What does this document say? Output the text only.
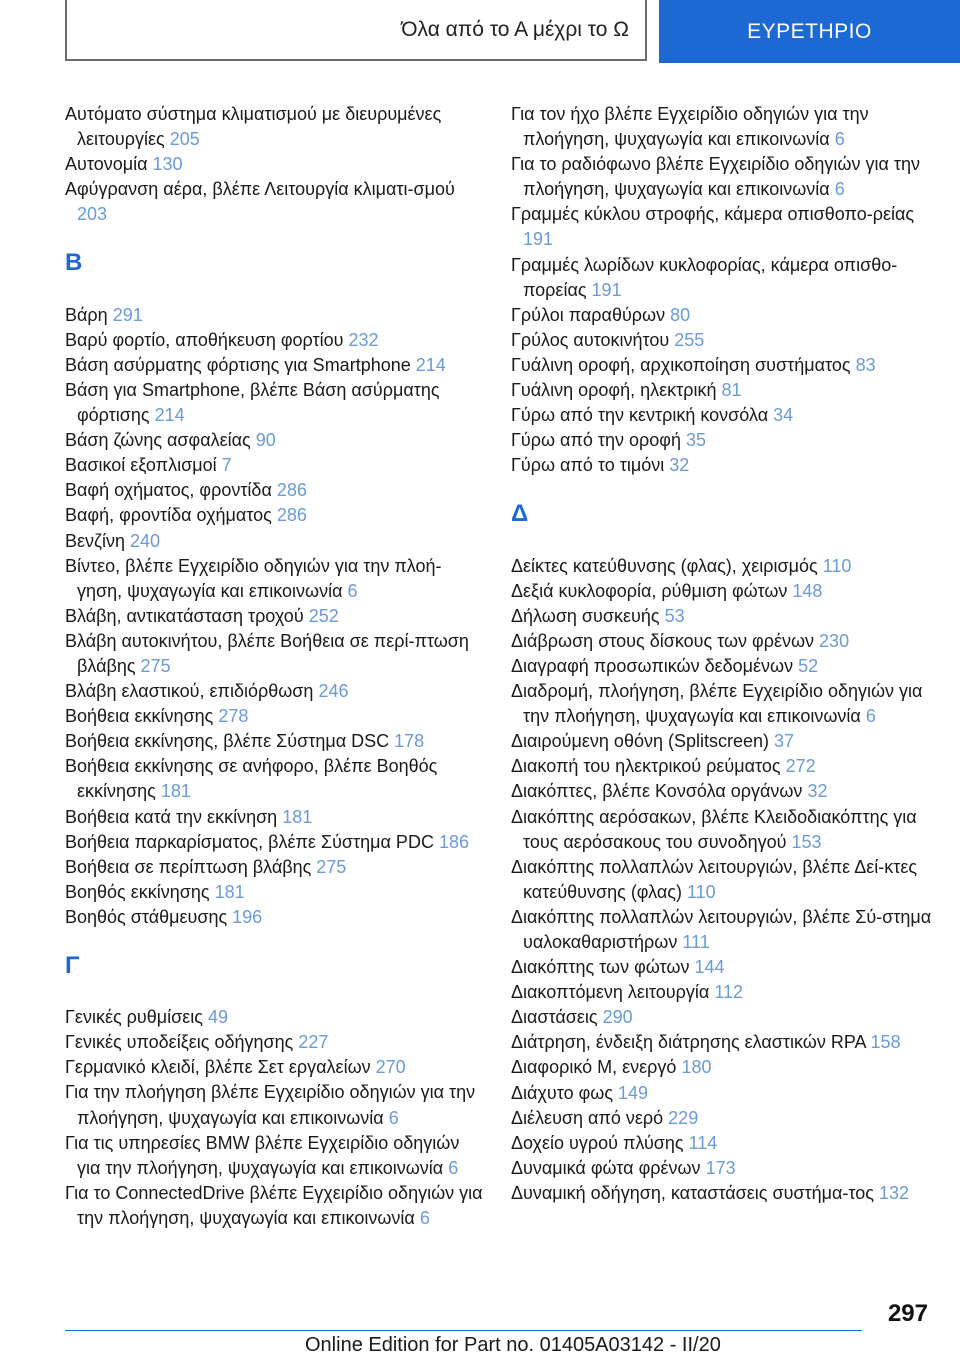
Όλα από το Α μέχρι το Ω	ΕΥΡΕΤΗΡΙΟ

Αυτόματο σύστημα κλιματισμού με διευρυμένες λειτουργίες 205

Αυτονομία 130

Αφύγρανση αέρα, βλέπε Λειτουργία κλιματι‐σμού 203

Β

Βάρη 291

Βαρύ φορτίο, αποθήκευση φορτίου 232

Βάση ασύρματης φόρτισης για Smartphone 214

Βάση για Smartphone, βλέπε Βάση ασύρματης φόρτισης 214

Βάση ζώνης ασφαλείας 90

Βασικοί εξοπλισμοί 7

Βαφή οχήματος, φροντίδα 286

Βαφή, φροντίδα οχήματος 286

Βενζίνη 240

Βίντεο, βλέπε Εγχειρίδιο οδηγιών για την πλοή‐γηση, ψυχαγωγία και επικοινωνία 6

Βλάβη, αντικατάσταση τροχού 252

Βλάβη αυτοκινήτου, βλέπε Βοήθεια σε περί‐πτωση βλάβης 275

Βλάβη ελαστικού, επιδιόρθωση 246

Βοήθεια εκκίνησης 278

Βοήθεια εκκίνησης, βλέπε Σύστημα DSC 178

Βοήθεια εκκίνησης σε ανήφορο, βλέπε Βοηθός εκκίνησης 181

Βοήθεια κατά την εκκίνηση 181

Βοήθεια παρκαρίσματος, βλέπε Σύστημα PDC 186

Βοήθεια σε περίπτωση βλάβης 275

Βοηθός εκκίνησης 181

Βοηθός στάθμευσης 196

Γ

Γενικές ρυθμίσεις 49

Γενικές υποδείξεις οδήγησης 227

Γερμανικό κλειδί, βλέπε Σετ εργαλείων 270

Για την πλοήγηση βλέπε Εγχειρίδιο οδηγιών για την πλοήγηση, ψυχαγωγία και επικοινωνία 6

Για τις υπηρεσίες BMW βλέπε Εγχειρίδιο οδηγιών για την πλοήγηση, ψυχαγωγία και επικοινωνία 6

Για το ConnectedDrive βλέπε Εγχειρίδιο οδηγιών για την πλοήγηση, ψυχαγωγία και επικοινωνία 6

Για τον ήχο βλέπε Εγχειρίδιο οδηγιών για την πλοήγηση, ψυχαγωγία και επικοινωνία 6

Για το ραδιόφωνο βλέπε Εγχειρίδιο οδηγιών για την πλοήγηση, ψυχαγωγία και επικοινωνία 6

Γραμμές κύκλου στροφής, κάμερα οπισθοπο‐ρείας 191

Γραμμές λωρίδων κυκλοφορίας, κάμερα οπισθο‐πορείας 191

Γρύλοι παραθύρων 80

Γρύλος αυτοκινήτου 255

Γυάλινη οροφή, αρχικοποίηση συστήματος 83

Γυάλινη οροφή, ηλεκτρική 81

Γύρω από την κεντρική κονσόλα 34

Γύρω από την οροφή 35

Γύρω από το τιμόνι 32

Δ

Δείκτες κατεύθυνσης (φλας), χειρισμός 110

Δεξιά κυκλοφορία, ρύθμιση φώτων 148

Δήλωση συσκευής 53

Διάβρωση στους δίσκους των φρένων 230

Διαγραφή προσωπικών δεδομένων 52

Διαδρομή, πλοήγηση, βλέπε Εγχειρίδιο οδηγιών για την πλοήγηση, ψυχαγωγία και επικοινωνία 6

Διαιρούμενη οθόνη (Splitscreen) 37

Διακοπή του ηλεκτρικού ρεύματος 272

Διακόπτες, βλέπε Κονσόλα οργάνων 32

Διακόπτης αερόσακων, βλέπε Κλειδοδιακόπτης για τους αερόσακους του συνοδηγού 153

Διακόπτης πολλαπλών λειτουργιών, βλέπε Δεί‐κτες κατεύθυνσης (φλας) 110

Διακόπτης πολλαπλών λειτουργιών, βλέπε Σύ‐στημα υαλοκαθαριστήρων 111

Διακόπτης των φώτων 144

Διακοπτόμενη λειτουργία 112

Διαστάσεις 290

Διάτρηση, ένδειξη διάτρησης ελαστικών RPA 158

Διαφορικό M, ενεργό 180

Διάχυτο φως 149

Διέλευση από νερό 229

Δοχείο υγρού πλύσης 114

Δυναμικά φώτα φρένων 173

Δυναμική οδήγηση, καταστάσεις συστήμα‐τος 132

297
Online Edition for Part no. 01405A03142 - II/20
